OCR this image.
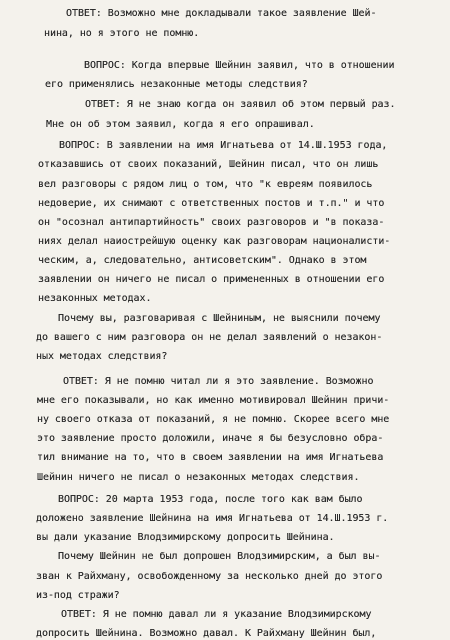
ОТВЕТ: Возможно мне докладывали такое заявление Шей-
нина, но я этого не помню.
ВОПРОС: Когда впервые Шейнин заявил, что в отношении
его применялись незаконные методы следствия?
ОТВЕТ: Я не знаю когда он заявил об этом первый раз.
Мне он об этом заявил, когда я его опрашивал.
ВОПРОС: В заявлении на имя Игнатьева от 14.Ш.1953 года,
отказавшись от своих показаний, Шейнин писал, что он лишь
вел разговоры с рядом лиц о том, что "к евреям появилось
недоверие, их снимают с ответственных постов и т.п." и что
он "осознал антипартийность" своих разговоров и "в показа-
ниях делал наиострейшую оценку как разговорам националисти-
ческим, а, следовательно, антисоветским". Однако в этом
заявлении он ничего не писал о примененных в отношении его
незаконных методах.
Почему вы, разговаривая с Шейниным, не выяснили почему
до вашего с ним разговора он не делал заявлений о незакон-
ных методах следствия?
ОТВЕТ: Я не помню читал ли я это заявление. Возможно
мне его показывали, но как именно мотивировал Шейнин причи-
ну своего отказа от показаний, я не помню. Скорее всего мне
это заявление просто доложили, иначе я бы безусловно обра-
тил внимание на то, что в своем заявлении на имя Игнатьева
Шейнин ничего не писал о незаконных методах следствия.
ВОПРОС: 20 марта 1953 года, после того как вам было
доложено заявление Шейнина на имя Игнатьева от 14.Ш.1953 г.
вы дали указание Влодзимирскому допросить Шейнина.
Почему Шейнин не был допрошен Влодзимирским, а был вы-
зван к Райхману, освобожденному за несколько дней до этого
из-под стражи?
ОТВЕТ: Я не помню давал ли я указание Влодзимирскому
допросить Шейнина. Возможно давал. К Райхману Шейнин был,
